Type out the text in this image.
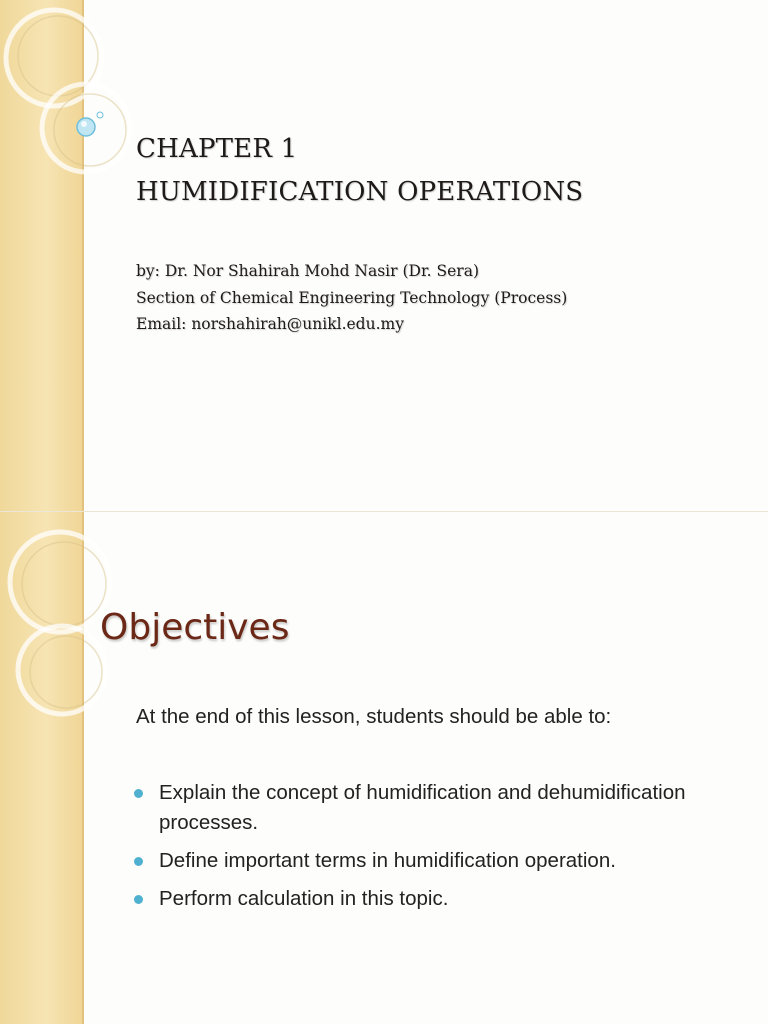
CHAPTER 1
HUMIDIFICATION OPERATIONS
by: Dr. Nor Shahirah Mohd Nasir (Dr. Sera)
Section of Chemical Engineering Technology (Process)
Email: norshahirah@unikl.edu.my
Objectives
At the end of this lesson, students should be able to:
Explain the concept of humidification and dehumidification processes.
Define important terms in humidification operation.
Perform calculation in this topic.
